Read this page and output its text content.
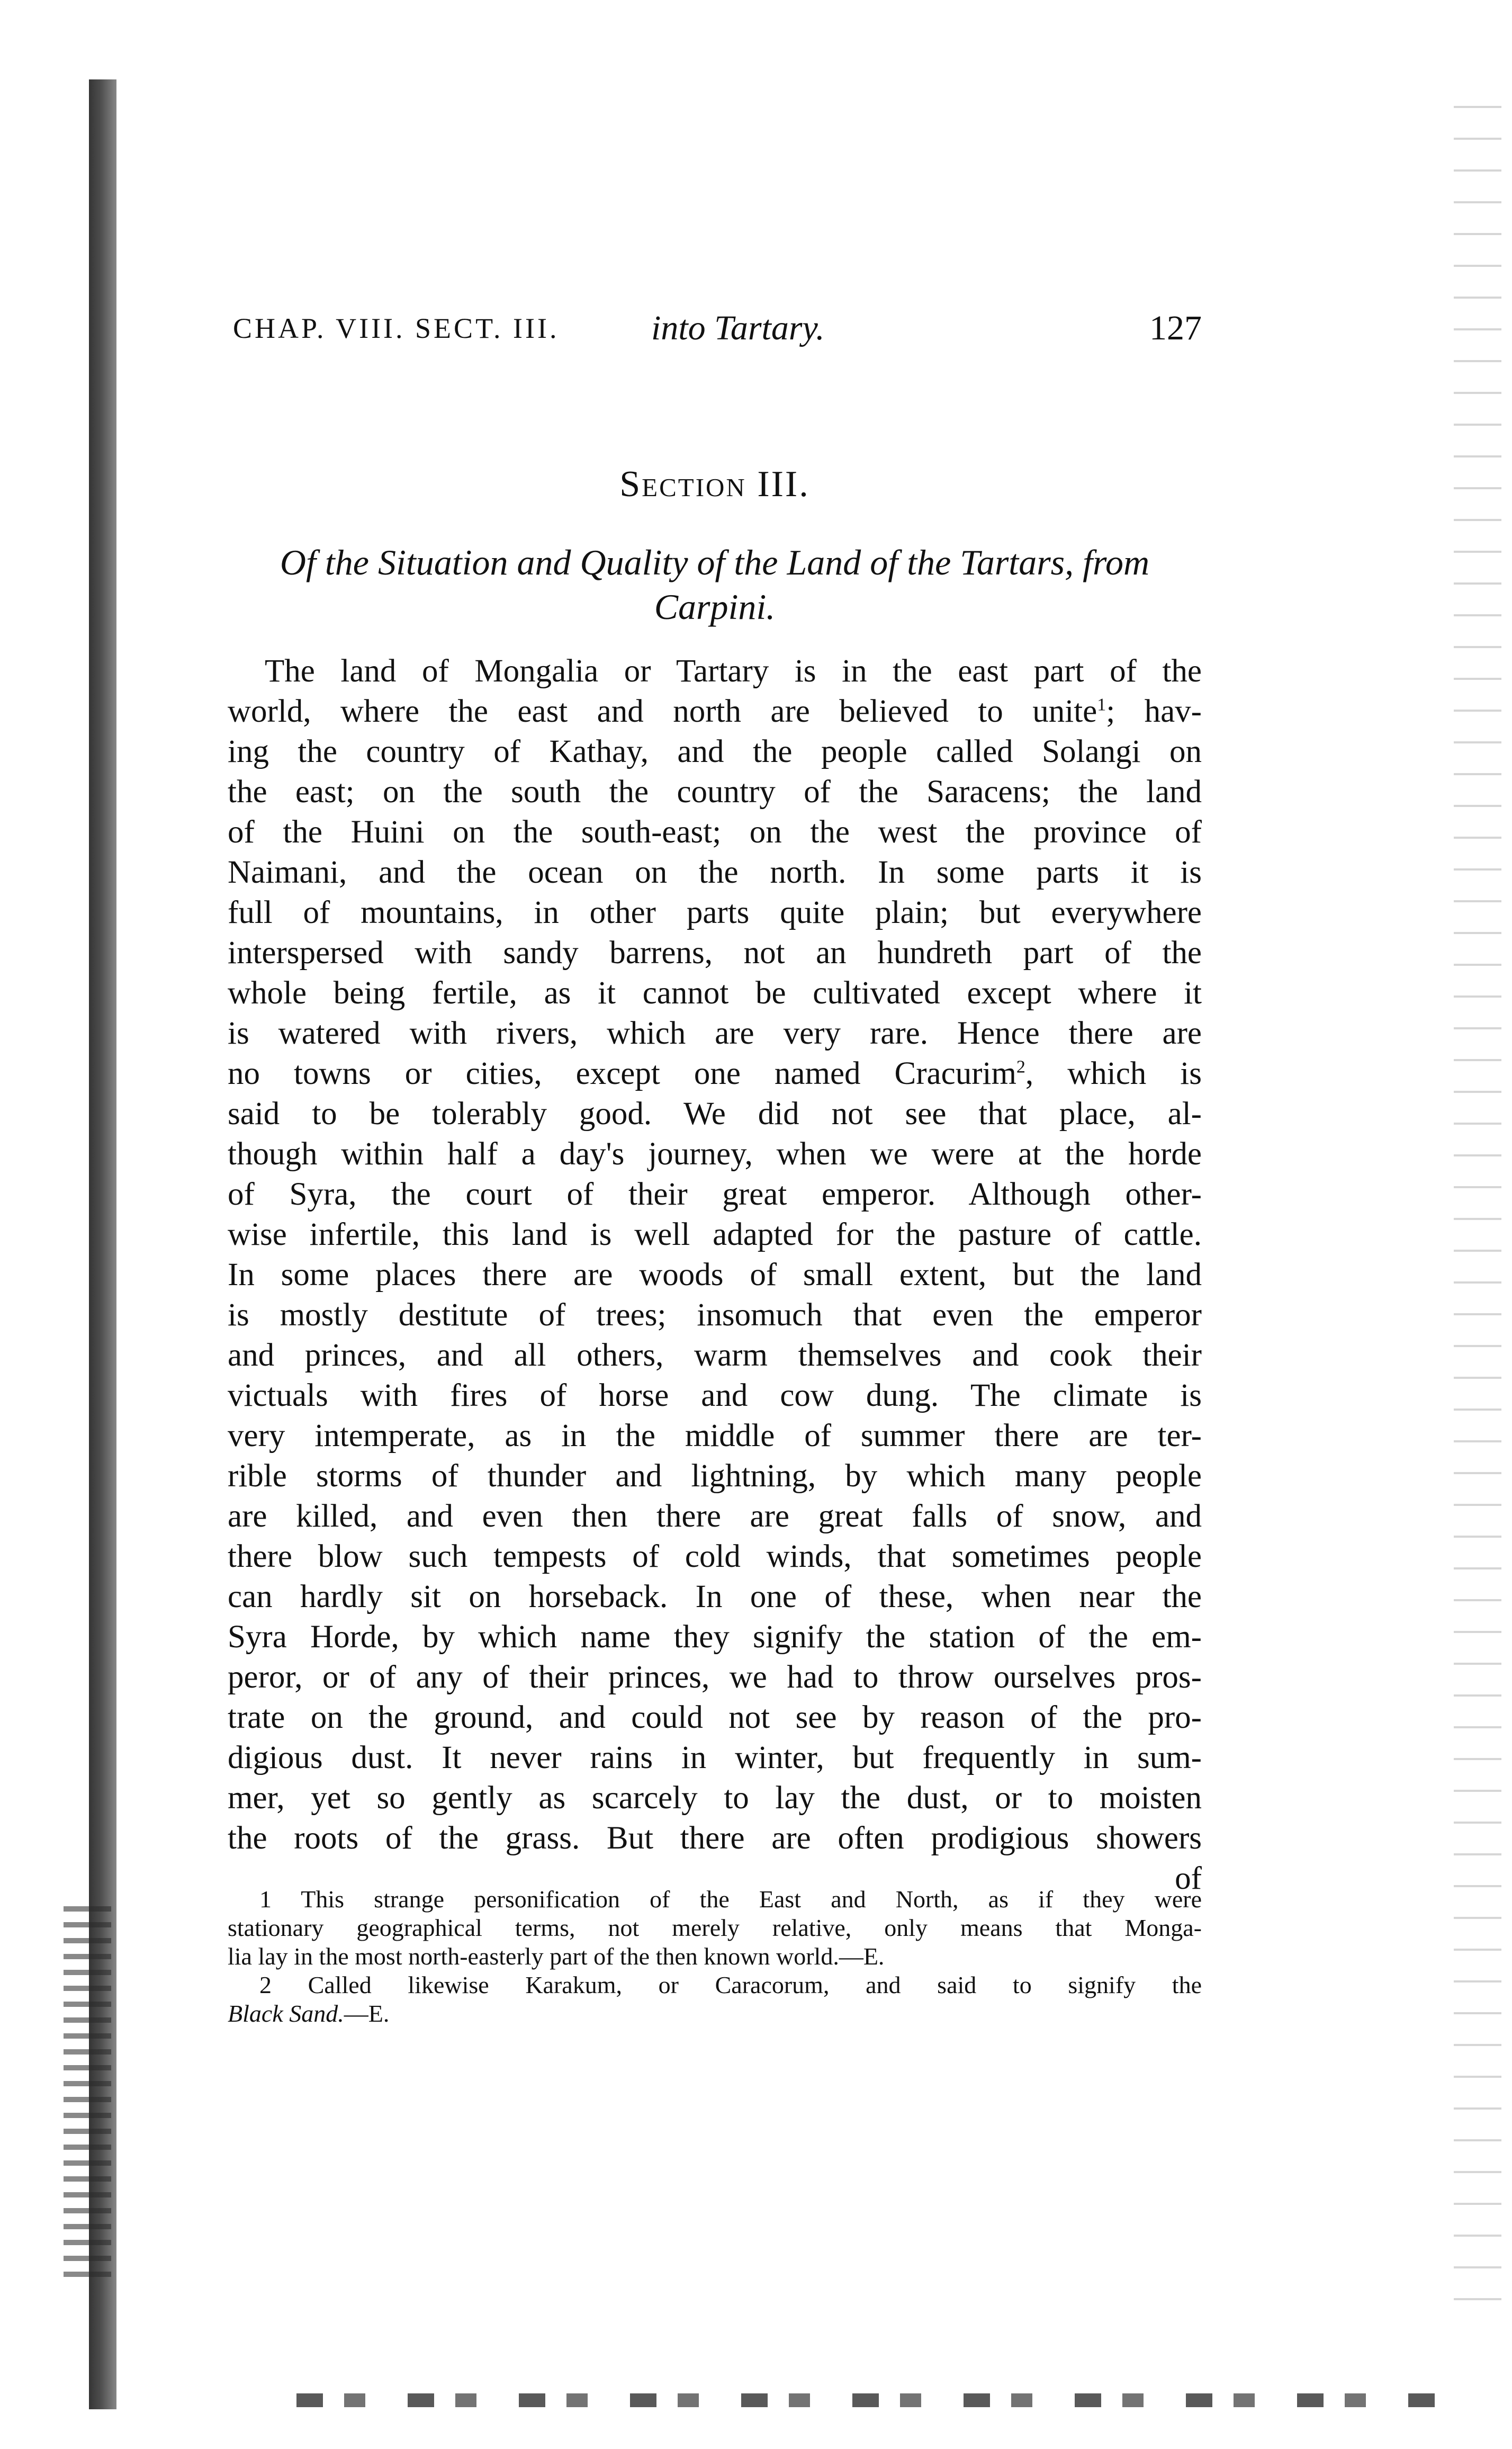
CHAP. VIII. SECT. III.	into Tartary.	127
Section III.
Of the Situation and Quality of the Land of the Tartars, from
Carpini.
The land of Mongalia or Tartary is in the east part of the
world, where the east and north are believed to unite$^1$; hav-
ing the country of Kathay, and the people called Solangi on
the east; on the south the country of the Saracens; the land
of the Huini on the south-east; on the west the province of
Naimani, and the ocean on the north. In some parts it is
full of mountains, in other parts quite plain; but everywhere
interspersed with sandy barrens, not an hundreth part of the
whole being fertile, as it cannot be cultivated except where it
is watered with rivers, which are very rare. Hence there are
no towns or cities, except one named Cracurim$^2$, which is
said to be tolerably good. We did not see that place, al-
though within half a day's journey, when we were at the horde
of Syra, the court of their great emperor. Although other-
wise infertile, this land is well adapted for the pasture of cattle.
In some places there are woods of small extent, but the land
is mostly destitute of trees; insomuch that even the emperor
and princes, and all others, warm themselves and cook their
victuals with fires of horse and cow dung. The climate is
very intemperate, as in the middle of summer there are ter-
rible storms of thunder and lightning, by which many people
are killed, and even then there are great falls of snow, and
there blow such tempests of cold winds, that sometimes people
can hardly sit on horseback. In one of these, when near the
Syra Horde, by which name they signify the station of the em-
peror, or of any of their princes, we had to throw ourselves pros-
trate on the ground, and could not see by reason of the pro-
digious dust. It never rains in winter, but frequently in sum-
mer, yet so gently as scarcely to lay the dust, or to moisten
the roots of the grass. But there are often prodigious showers
of
1 This strange personification of the East and North, as if they were
stationary geographical terms, not merely relative, only means that Monga-
lia lay in the most north-easterly part of the then known world.—E.
2 Called likewise Karakum, or Caracorum, and said to signify the
Black Sand.—E.
